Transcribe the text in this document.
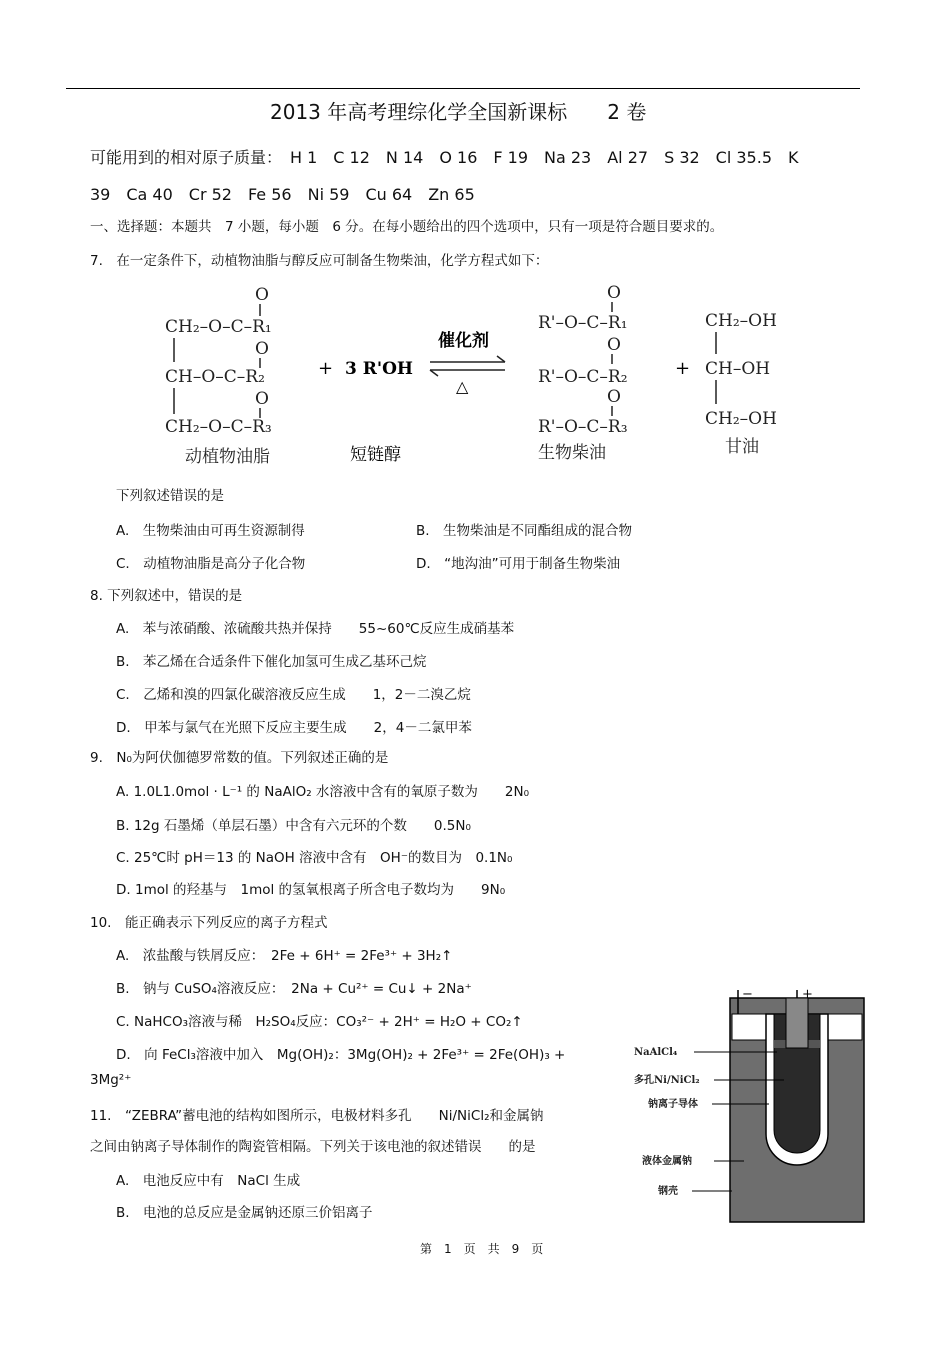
2013 年高考理综化学全国新课标　　2 卷
可能用到的相对原子质量：　H 1　C 12　N 14　O 16　F 19　Na 23　Al 27　S 32　Cl 35.5　K
39　Ca 40　Cr 52　Fe 56　Ni 59　Cu 64　Zn 65
一、选择题：本题共　7 小题，每小题　6 分。在每小题给出的四个选项中，只有一项是符合题目要求的。
7.　在一定条件下，动植物油脂与醇反应可制备生物柴油，化学方程式如下：
O
CH₂–O–C–R₁
O
CH–O–C–R₂
O
CH₂–O–C–R₃
动植物油脂
+ 3 R'OH
短链醇
催化剂
△
O
R'–O–C–R₁
O
R'–O–C–R₂
O
R'–O–C–R₃
生物柴油
+
CH₂–OH
CH–OH
CH₂–OH
甘油
下列叙述错误的是
A.　生物柴油由可再生资源制得	B.　生物柴油是不同酯组成的混合物
C.　动植物油脂是高分子化合物	D.　“地沟油”可用于制备生物柴油
8. 下列叙述中，错误的是
A.　苯与浓硝酸、浓硫酸共热并保持　　55~60℃反应生成硝基苯
B.　苯乙烯在合适条件下催化加氢可生成乙基环己烷
C.　乙烯和溴的四氯化碳溶液反应生成　　1，2－二溴乙烷
D.　甲苯与氯气在光照下反应主要生成　　2，4－二氯甲苯
9.　N₀为阿伏伽德罗常数的值。下列叙述正确的是
A. 1.0L1.0mol · L⁻¹ 的 NaAlO₂ 水溶液中含有的氧原子数为　　2N₀
B. 12g 石墨烯（单层石墨）中含有六元环的个数　　0.5N₀
C. 25℃时 pH＝13 的 NaOH 溶液中含有　OH⁻的数目为　0.1N₀
D. 1mol 的羟基与　1mol 的氢氧根离子所含电子数均为　　9N₀
10.　能正确表示下列反应的离子方程式
A.　浓盐酸与铁屑反应：　2Fe + 6H⁺ = 2Fe³⁺ + 3H₂↑
B.　钠与 CuSO₄溶液反应：　2Na + Cu²⁺ = Cu↓ + 2Na⁺
C. NaHCO₃溶液与稀　H₂SO₄反应：CO₃²⁻ + 2H⁺ = H₂O + CO₂↑
D.　向 FeCl₃溶液中加入　Mg(OH)₂：3Mg(OH)₂ + 2Fe³⁺ = 2Fe(OH)₃ +
3Mg²⁺
11.　“ZEBRA”蓄电池的结构如图所示，电极材料多孔　　Ni/NiCl₂和金属钠
之间由钠离子导体制作的陶瓷管相隔。下列关于该电池的叙述错误　　的是
A.　电池反应中有　NaCl 生成
B.　电池的总反应是金属钠还原三价铝离子
−	+
NaAlCl₄
多孔Ni/NiCl₂
钠离子导体
液体金属钠
钢壳
第　1　页　共　9　页
